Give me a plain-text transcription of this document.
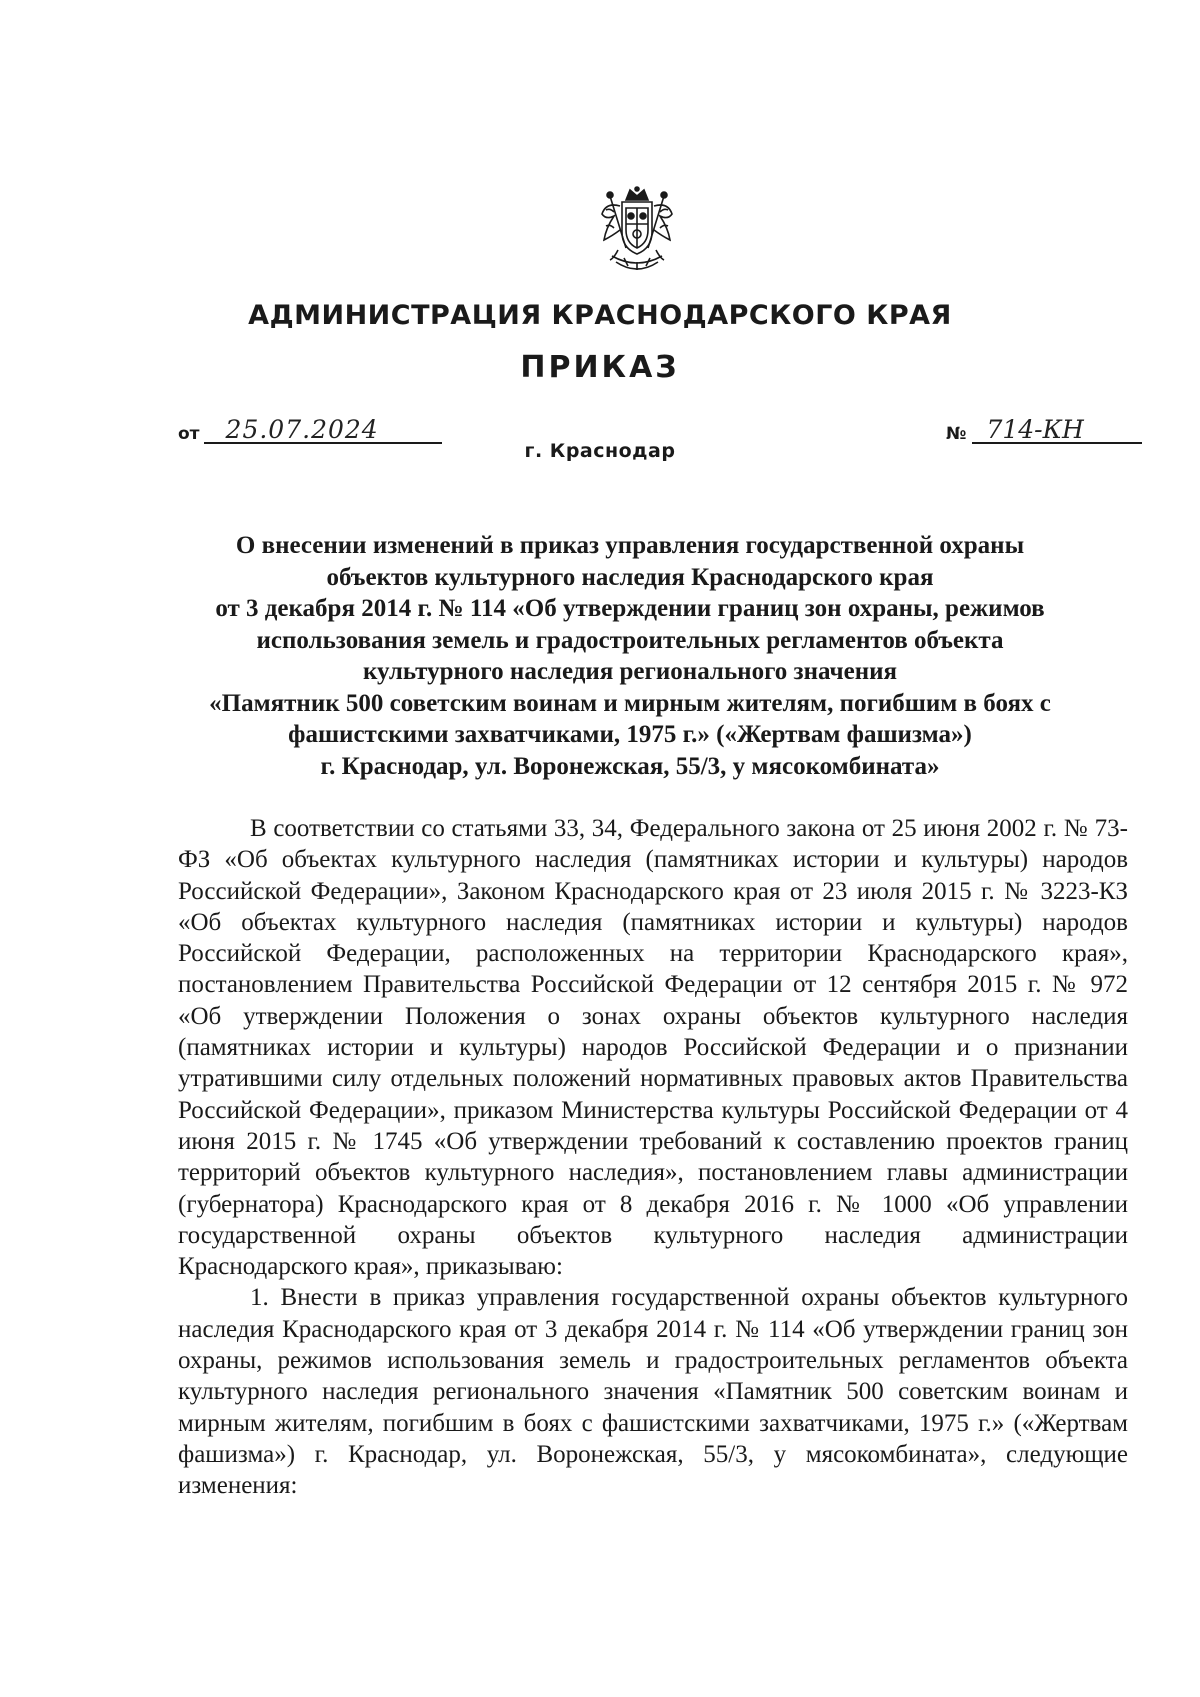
АДМИНИСТРАЦИЯ КРАСНОДАРСКОГО КРАЯ
ПРИКАЗ
от	25.07.2024	№ 714-КН
г. Краснодар
О внесении изменений в приказ управления государственной охраны
объектов культурного наследия Краснодарского края
от 3 декабря 2014 г. № 114 «Об утверждении границ зон охраны, режимов
использования земель и градостроительных регламентов объекта
культурного наследия регионального значения
«Памятник 500 советским воинам и мирным жителям, погибшим в боях с
фашистскими захватчиками, 1975 г.» («Жертвам фашизма»)
г. Краснодар, ул. Воронежская, 55/3, у мясокомбината»

В соответствии со статьями 33, 34, Федерального закона от 25 июня 2002 г. № 73-ФЗ «Об объектах культурного наследия (памятниках истории и культуры) народов Российской Федерации», Законом Краснодарского края от 23 июля 2015 г. № 3223-КЗ «Об объектах культурного наследия (памятниках истории и культуры) народов Российской Федерации, расположенных на территории Краснодарского края», постановлением Правительства Российской Федерации от 12 сентября 2015 г. № 972 «Об утверждении Положения о зонах охраны объектов культурного наследия (памятниках истории и культуры) народов Российской Федерации и о признании утратившими силу отдельных положений нормативных правовых актов Правительства Российской Федерации», приказом Министерства культуры Российской Федерации от 4 июня 2015 г. № 1745 «Об утверждении требований к составлению проектов границ территорий объектов культурного наследия», постановлением главы администрации (губернатора) Краснодарского края от 8 декабря 2016 г. № 1000 «Об управлении государственной охраны объектов культурного наследия администрации Краснодарского края», приказываю:

1. Внести в приказ управления государственной охраны объектов культурного наследия Краснодарского края от 3 декабря 2014 г. № 114 «Об утверждении границ зон охраны, режимов использования земель и градостроительных регламентов объекта культурного наследия регионального значения «Памятник 500 советским воинам и мирным жителям, погибшим в боях с фашистскими захватчиками, 1975 г.» («Жертвам фашизма») г. Краснодар, ул. Воронежская, 55/3, у мясокомбината», следующие изменения:
